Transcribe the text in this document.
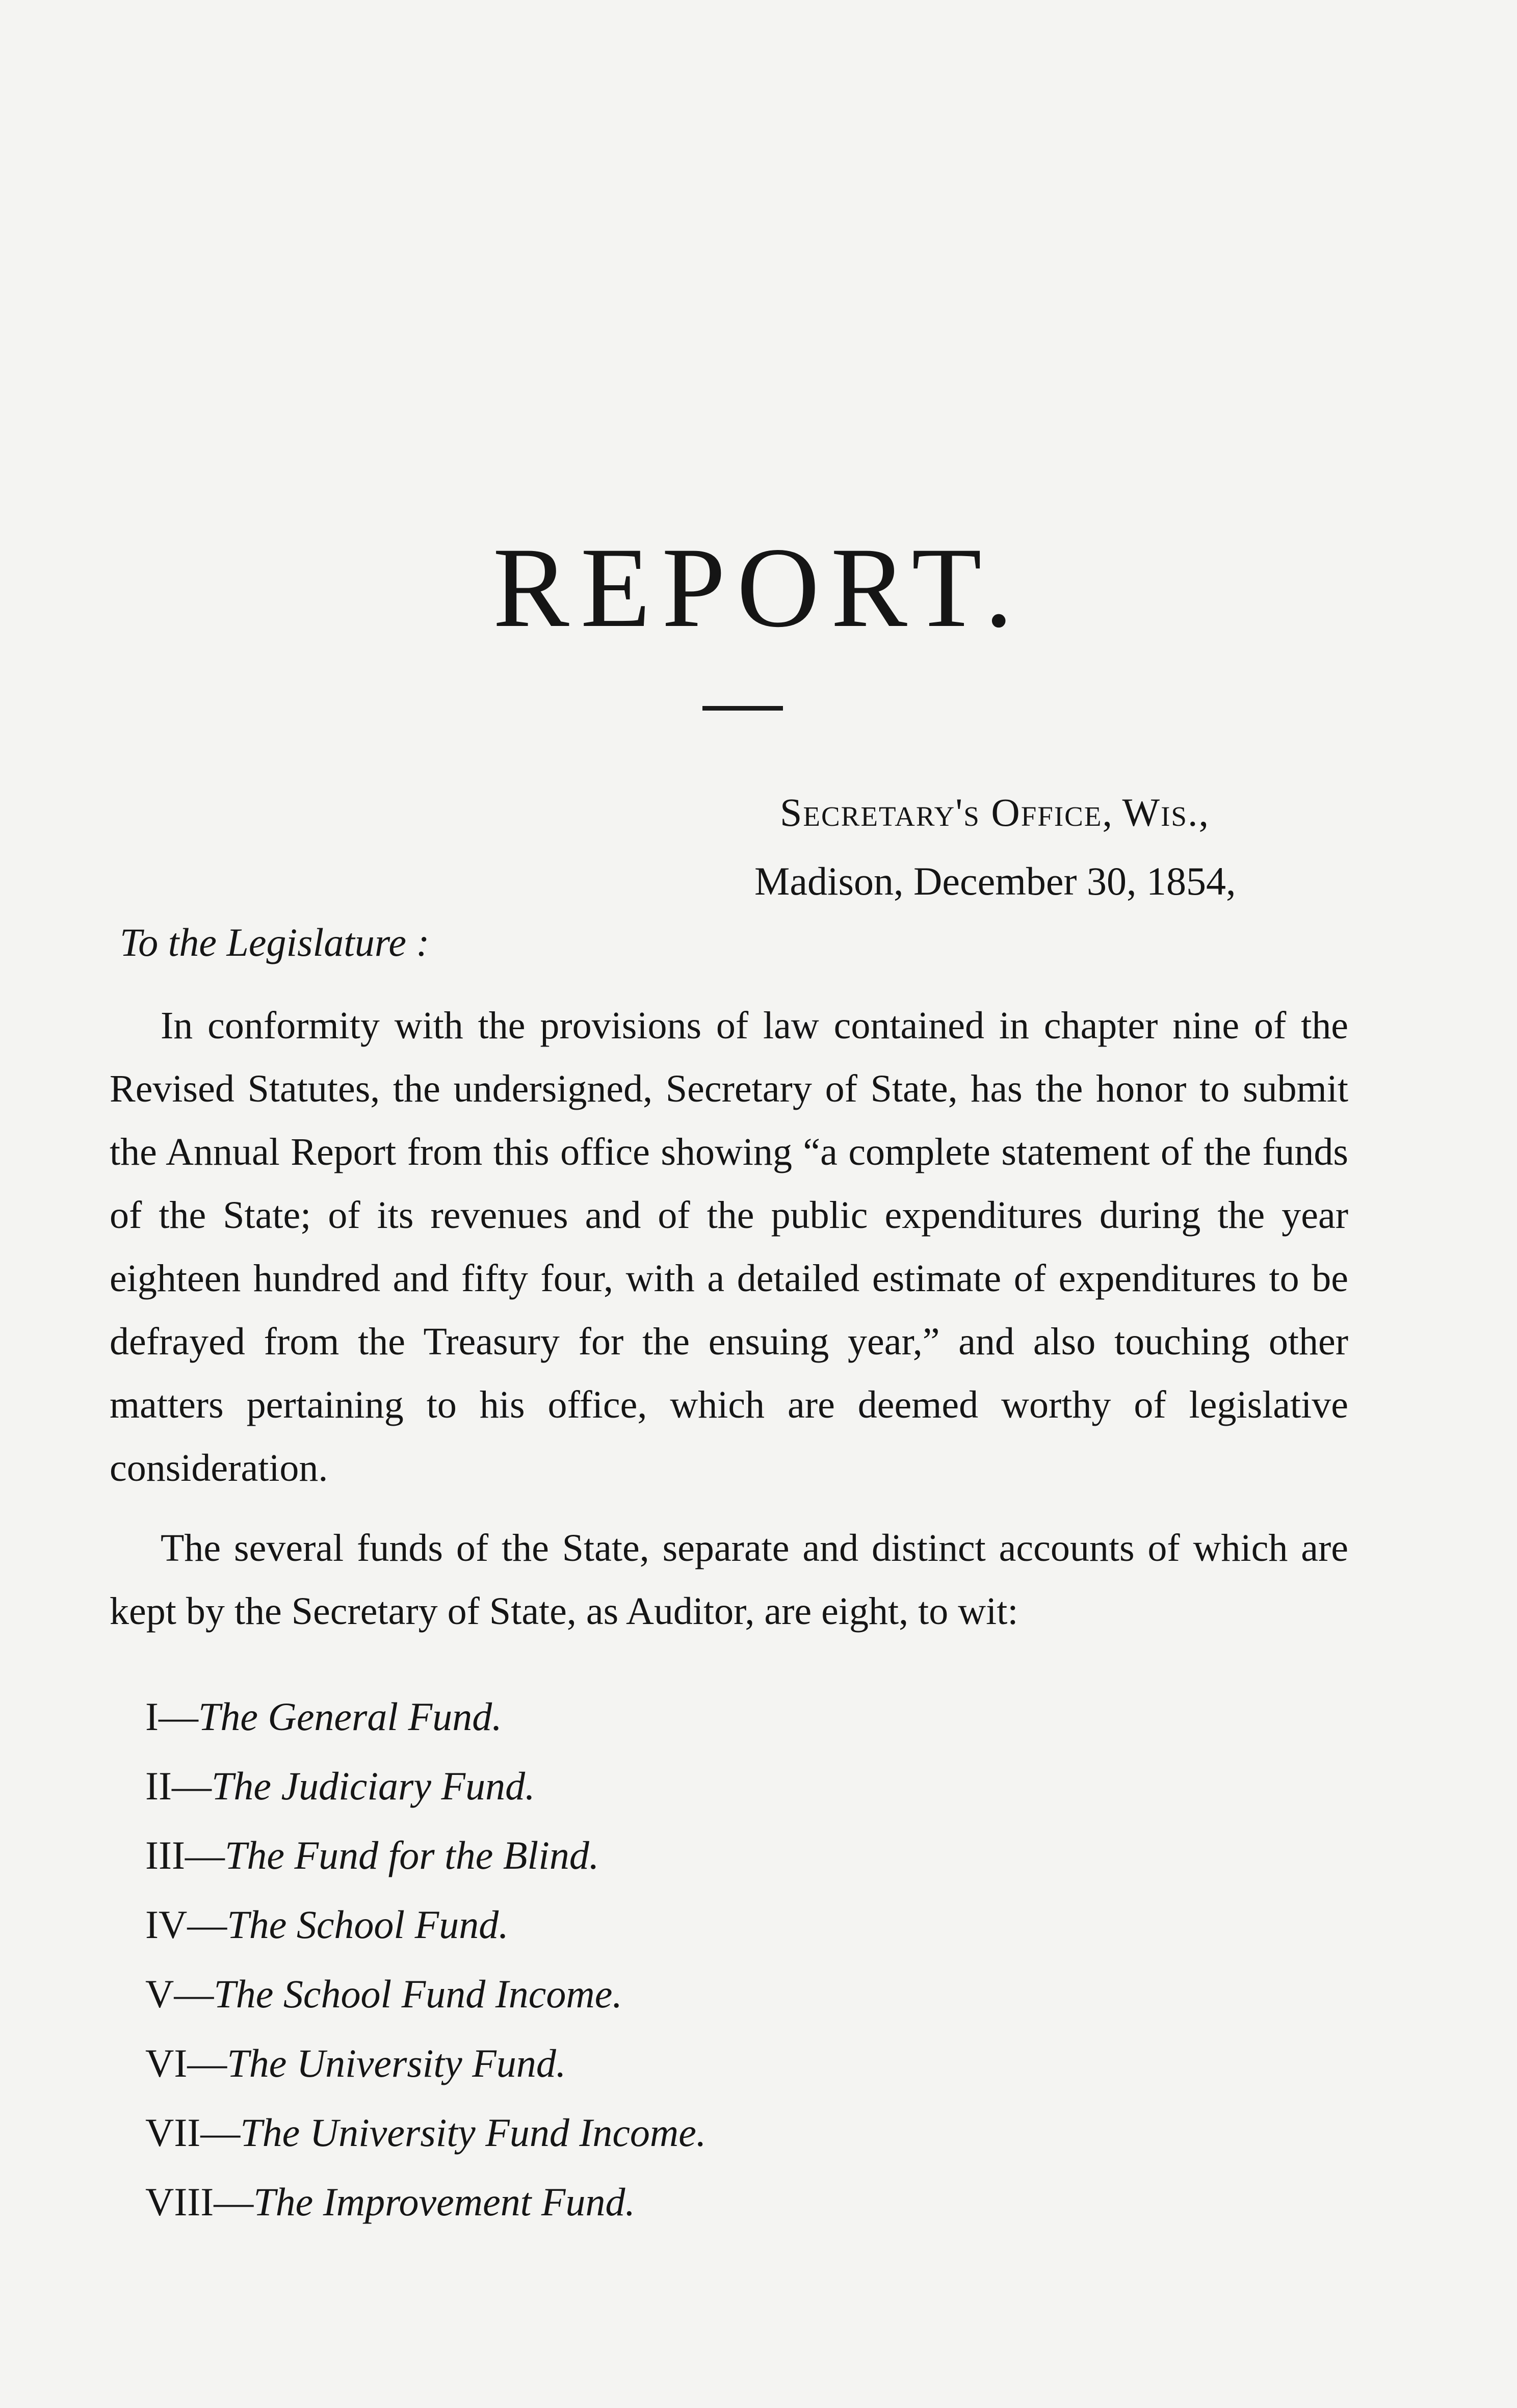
REPORT.
Secretary's Office, Wis.,
Madison, December 30, 1854,
To the Legislature :

In conformity with the provisions of law contained in chapter nine of the Revised Statutes, the undersigned, Secretary of State, has the honor to submit the Annual Report from this office showing “a complete statement of the funds of the State; of its revenues and of the public expenditures during the year eighteen hundred and fifty four, with a detailed estimate of expenditures to be defrayed from the Treasury for the ensuing year,” and also touching other matters pertaining to his office, which are deemed worthy of legislative consideration.

The several funds of the State, separate and distinct accounts of which are kept by the Secretary of State, as Auditor, are eight, to wit:

I—The General Fund.
II—The Judiciary Fund.
III—The Fund for the Blind.
IV—The School Fund.
V—The School Fund Income.
VI—The University Fund.
VII—The University Fund Income.
VIII—The Improvement Fund.
